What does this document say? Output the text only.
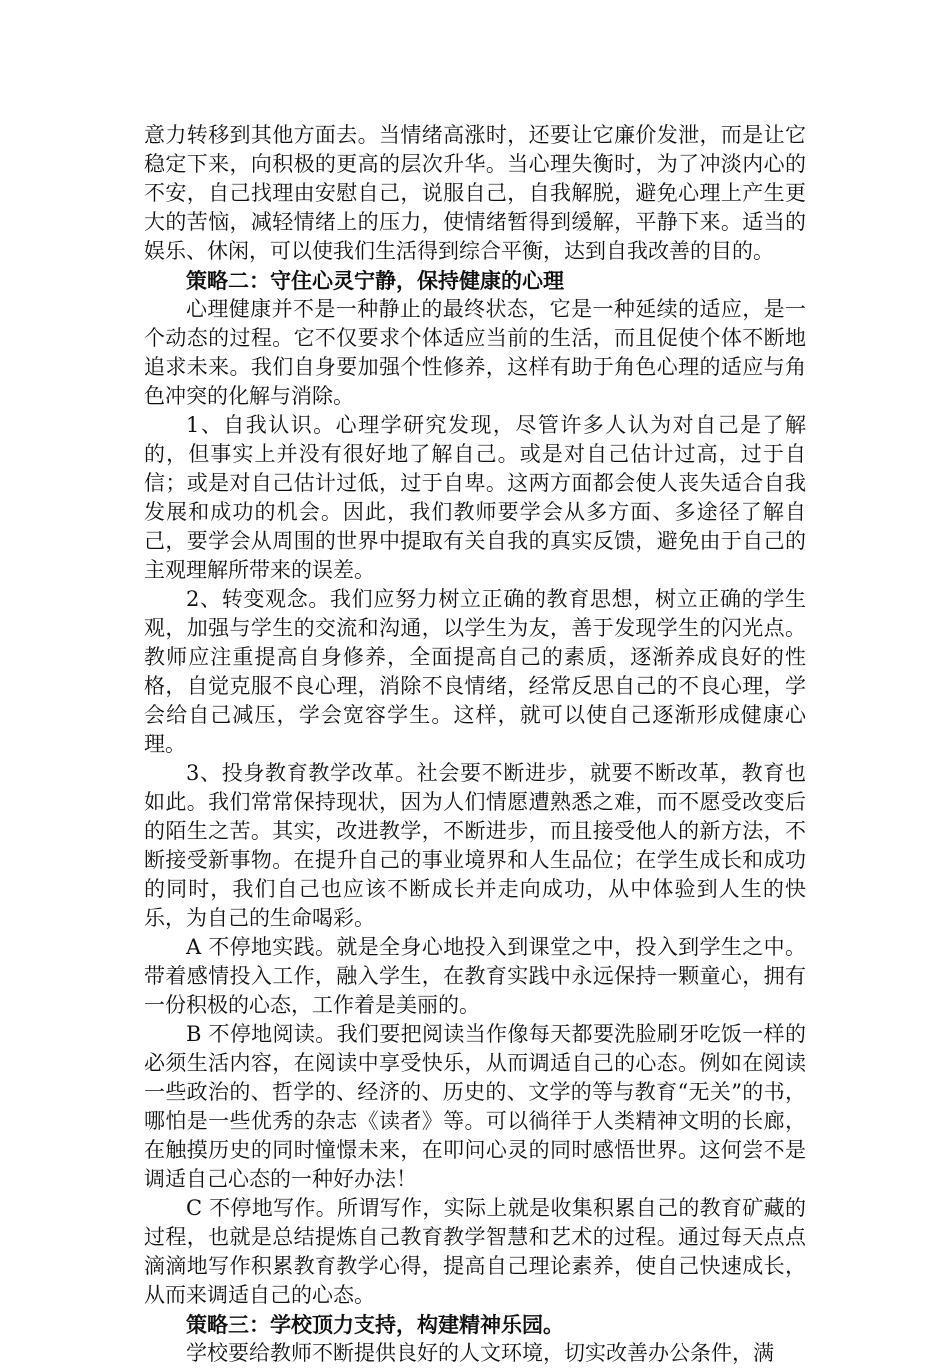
意力转移到其他方面去。当情绪高涨时，还要让它廉价发泄，而是让它稳定下来，向积极的更高的层次升华。当心理失衡时，为了冲淡内心的不安，自己找理由安慰自己，说服自己，自我解脱，避免心理上产生更大的苦恼，减轻情绪上的压力，使情绪暂得到缓解，平静下来。适当的娱乐、休闲，可以使我们生活得到综合平衡，达到自我改善的目的。

策略二：守住心灵宁静，保持健康的心理

心理健康并不是一种静止的最终状态，它是一种延续的适应，是一个动态的过程。它不仅要求个体适应当前的生活，而且促使个体不断地追求未来。我们自身要加强个性修养，这样有助于角色心理的适应与角色冲突的化解与消除。

1、自我认识。心理学研究发现，尽管许多人认为对自己是了解的，但事实上并没有很好地了解自己。或是对自己估计过高，过于自信；或是对自己估计过低，过于自卑。这两方面都会使人丧失适合自我发展和成功的机会。因此，我们教师要学会从多方面、多途径了解自己，要学会从周围的世界中提取有关自我的真实反馈，避免由于自己的主观理解所带来的误差。

2、转变观念。我们应努力树立正确的教育思想，树立正确的学生观，加强与学生的交流和沟通，以学生为友，善于发现学生的闪光点。教师应注重提高自身修养，全面提高自己的素质，逐渐养成良好的性格，自觉克服不良心理，消除不良情绪，经常反思自己的不良心理，学会给自己减压，学会宽容学生。这样，就可以使自己逐渐形成健康心理。

3、投身教育教学改革。社会要不断进步，就要不断改革，教育也如此。我们常常保持现状，因为人们情愿遭熟悉之难，而不愿受改变后的陌生之苦。其实，改进教学，不断进步，而且接受他人的新方法，不断接受新事物。在提升自己的事业境界和人生品位；在学生成长和成功的同时，我们自己也应该不断成长并走向成功，从中体验到人生的快乐，为自己的生命喝彩。

A 不停地实践。就是全身心地投入到课堂之中，投入到学生之中。带着感情投入工作，融入学生，在教育实践中永远保持一颗童心，拥有一份积极的心态，工作着是美丽的。

B 不停地阅读。我们要把阅读当作像每天都要洗脸刷牙吃饭一样的必须生活内容，在阅读中享受快乐，从而调适自己的心态。例如在阅读一些政治的、哲学的、经济的、历史的、文学的等与教育“无关”的书，哪怕是一些优秀的杂志《读者》等。可以徜徉于人类精神文明的长廊，在触摸历史的同时憧憬未来，在叩问心灵的同时感悟世界。这何尝不是调适自己心态的一种好办法！

C 不停地写作。所谓写作，实际上就是收集积累自己的教育矿藏的过程，也就是总结提炼自己教育教学智慧和艺术的过程。通过每天点点滴滴地写作积累教育教学心得，提高自己理论素养，使自己快速成长，从而来调适自己的心态。

策略三：学校顶力支持，构建精神乐园。

学校要给教师不断提供良好的人文环境，切实改善办公条件，满
